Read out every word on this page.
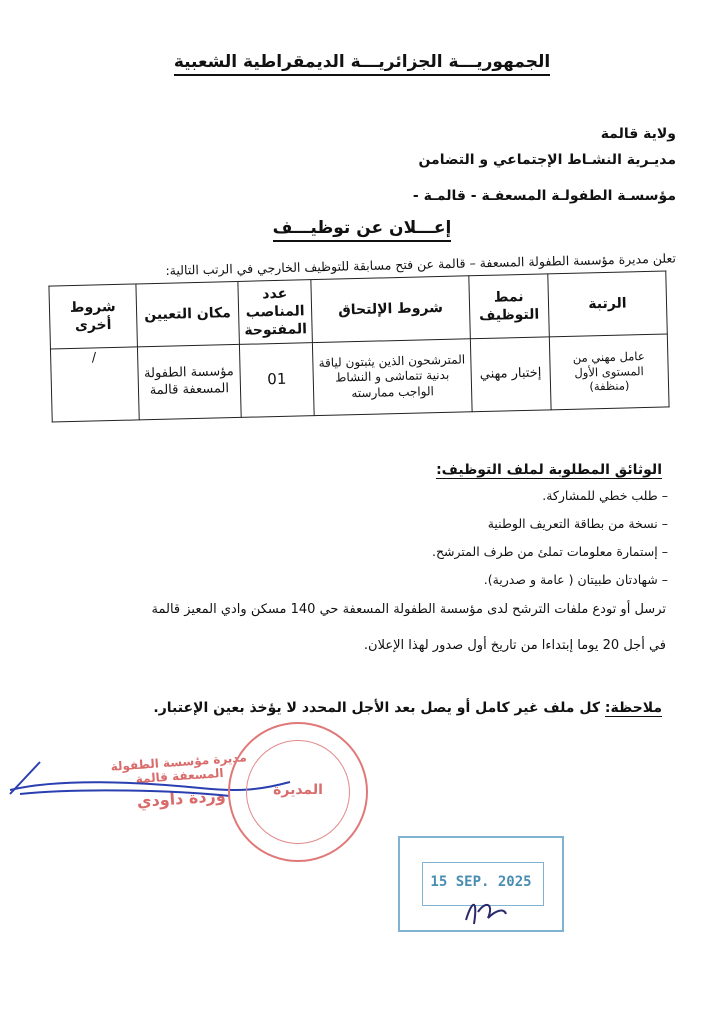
الجمهوريـــة الجزائريـــة الديمقراطية الشعبية
ولاية قالمة
مديـرية النشـاط الإجتماعي و التضامن
مؤسسـة الطفولـة المسعفـة - قالمـة -
إعـــلان عن توظيـــف
تعلن مديرة مؤسسة الطفولة المسعفة – قالمة عن فتح مسابقة للتوظيف الخارجي في الرتب التالية:
الرتبة	نمط التوظيف	شروط الإلتحاق	عدد المناصب المفتوحة	مكان التعيين	شروط أخرى
عامل مهني من المستوى الأول (منظفة)	إختبار مهني	المترشحون الذين يثبتون لياقة بدنية تتماشى و النشاط الواجب ممارسته	01	مؤسسة الطفولة المسعفة قالمة	/
الوثائق المطلوبة لملف التوظيف:
– طلب خطي للمشاركة.
– نسخة من بطاقة التعريف الوطنية
– إستمارة معلومات تملئ من طرف المترشح.
– شهادتان طبيتان ( عامة و صدرية).
ترسل أو تودع ملفات الترشح لدى مؤسسة الطفولة المسعفة حي 140 مسكن وادي المعيز قالمة
في أجل 20 يوما إبتداءا من تاريخ أول صدور لهذا الإعلان.
ملاحظة: كل ملف غير كامل أو يصل بعد الأجل المحدد لا يؤخذ بعين الإعتبار.
مديرة مؤسسة الطفولة المسعفة قالمة
وردة داودي	المديرة
15 SEP. 2025
